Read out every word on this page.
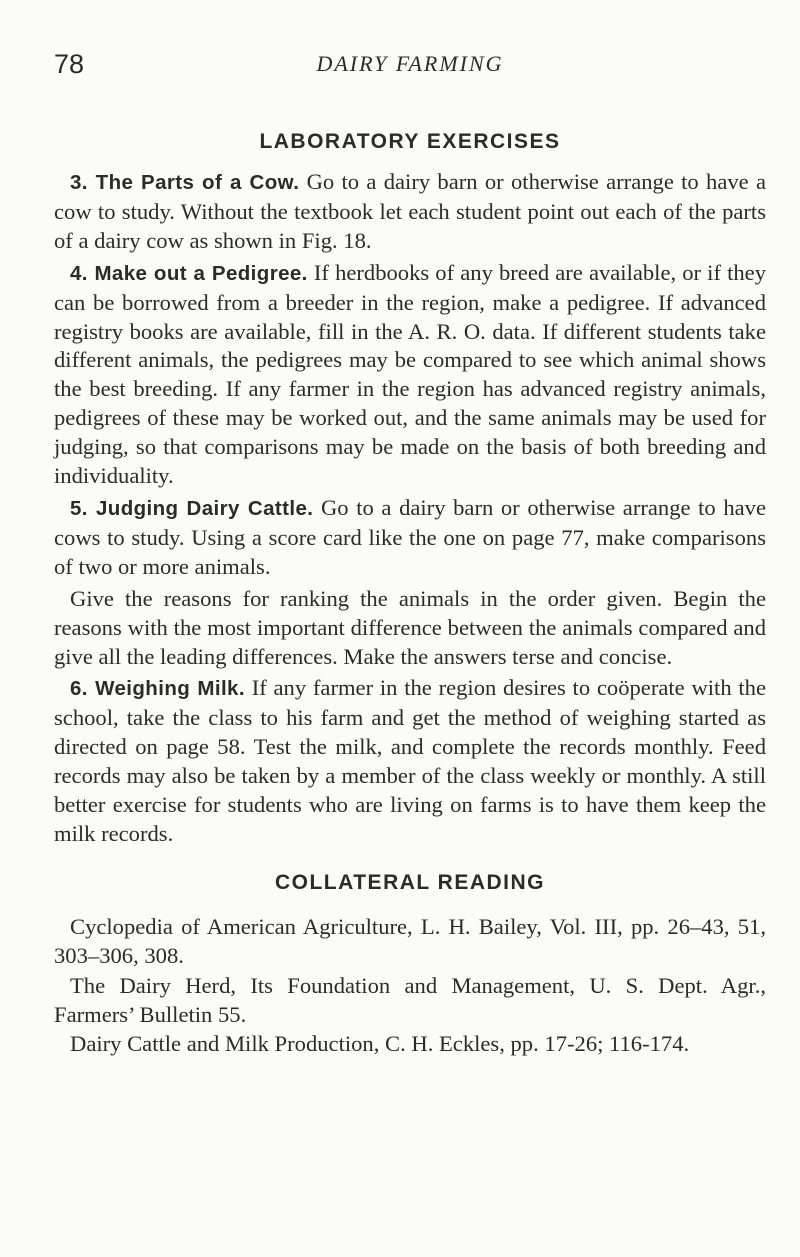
78	DAIRY FARMING
LABORATORY EXERCISES

3. The Parts of a Cow. Go to a dairy barn or otherwise arrange to have a cow to study. Without the textbook let each student point out each of the parts of a dairy cow as shown in Fig. 18.

4. Make out a Pedigree. If herdbooks of any breed are available, or if they can be borrowed from a breeder in the region, make a pedigree. If advanced registry books are available, fill in the A. R. O. data. If different students take different animals, the pedigrees may be compared to see which animal shows the best breeding. If any farmer in the region has advanced registry animals, pedigrees of these may be worked out, and the same animals may be used for judging, so that comparisons may be made on the basis of both breeding and individuality.

5. Judging Dairy Cattle. Go to a dairy barn or otherwise arrange to have cows to study. Using a score card like the one on page 77, make comparisons of two or more animals.

Give the reasons for ranking the animals in the order given. Begin the reasons with the most important difference between the animals compared and give all the leading differences. Make the answers terse and concise.

6. Weighing Milk. If any farmer in the region desires to coöperate with the school, take the class to his farm and get the method of weighing started as directed on page 58. Test the milk, and complete the records monthly. Feed records may also be taken by a member of the class weekly or monthly. A still better exercise for students who are living on farms is to have them keep the milk records.

COLLATERAL READING

Cyclopedia of American Agriculture, L. H. Bailey, Vol. III, pp. 26–43, 51, 303–306, 308.

The Dairy Herd, Its Foundation and Management, U. S. Dept. Agr., Farmers’ Bulletin 55.

Dairy Cattle and Milk Production, C. H. Eckles, pp. 17-26; 116-174.
